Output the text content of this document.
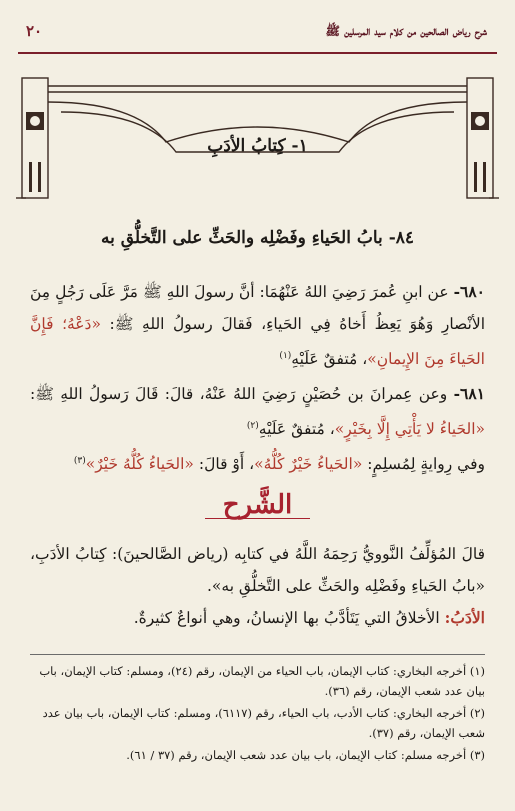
٢٠	شرح رياض الصالحين من كلام سيد المرسلين ﷺ
١- كِتابُ الأدَبِ
٨٤- بابُ الحَياءِ وفَضْلِه والحَثِّ على التَّخلُّقِ به
٦٨٠- عن ابنِ عُمرَ رَضِيَ اللهُ عَنْهُمَا: أنَّ رسولَ اللهِ ﷺ مَرَّ عَلَى رَجُلٍ مِنَ الأنْصارِ وَهُوَ يَعِظُ أَخاهُ فِي الحَياءِ، فَقالَ رسولُ اللهِ ﷺ: «دَعْهُ؛ فَإِنَّ الحَياءَ مِنَ الإِيمانِ»، مُتفقٌ عَلَيْهِ$^{(١)}$
٦٨١- وعن عِمرانَ بن حُصَيْنٍ رَضِيَ اللهُ عَنْهُ، قالَ: قَالَ رَسولُ اللهِ ﷺ: «الحَياءُ لا يَأْتِي إِلَّا بِخَيْرٍ»، مُتفقٌ عَلَيْهِ$^{(٢)}$
وفي رِوايةٍ لِمُسلِمٍ: «الحَياءُ خَيْرٌ كُلُّهُ»، أَوْ قالَ: «الحَياءُ كُلُّهُ خَيْرٌ»$^{(٣)}$
الشَّرح
قالَ المُؤلِّفُ النَّوويُّ رَحِمَهُ اللَّهُ في كتابِه (رياض الصَّالحينَ): كِتابُ الأدَبِ، «بابُ الحَياءِ وفَضْلِه والحَثِّ على التَّخلُّقِ به».
الأدَبُ: الأخلاقُ التي يَتَأدَّبُ بها الإنسانُ، وهي أنواعٌ كثيرةٌ.
(١) أخرجه البخاري: كتاب الإيمان، باب الحياء من الإيمان، رقم (٢٤)، ومسلم: كتاب الإيمان، باب بيان عدد شعب الإيمان، رقم (٣٦).
(٢) أخرجه البخاري: كتاب الأدب، باب الحياء، رقم (٦١١٧)، ومسلم: كتاب الإيمان، باب بيان عدد شعب الإيمان، رقم (٣٧).
(٣) أخرجه مسلم: كتاب الإيمان، باب بيان عدد شعب الإيمان، رقم (٣٧ / ٦١).
